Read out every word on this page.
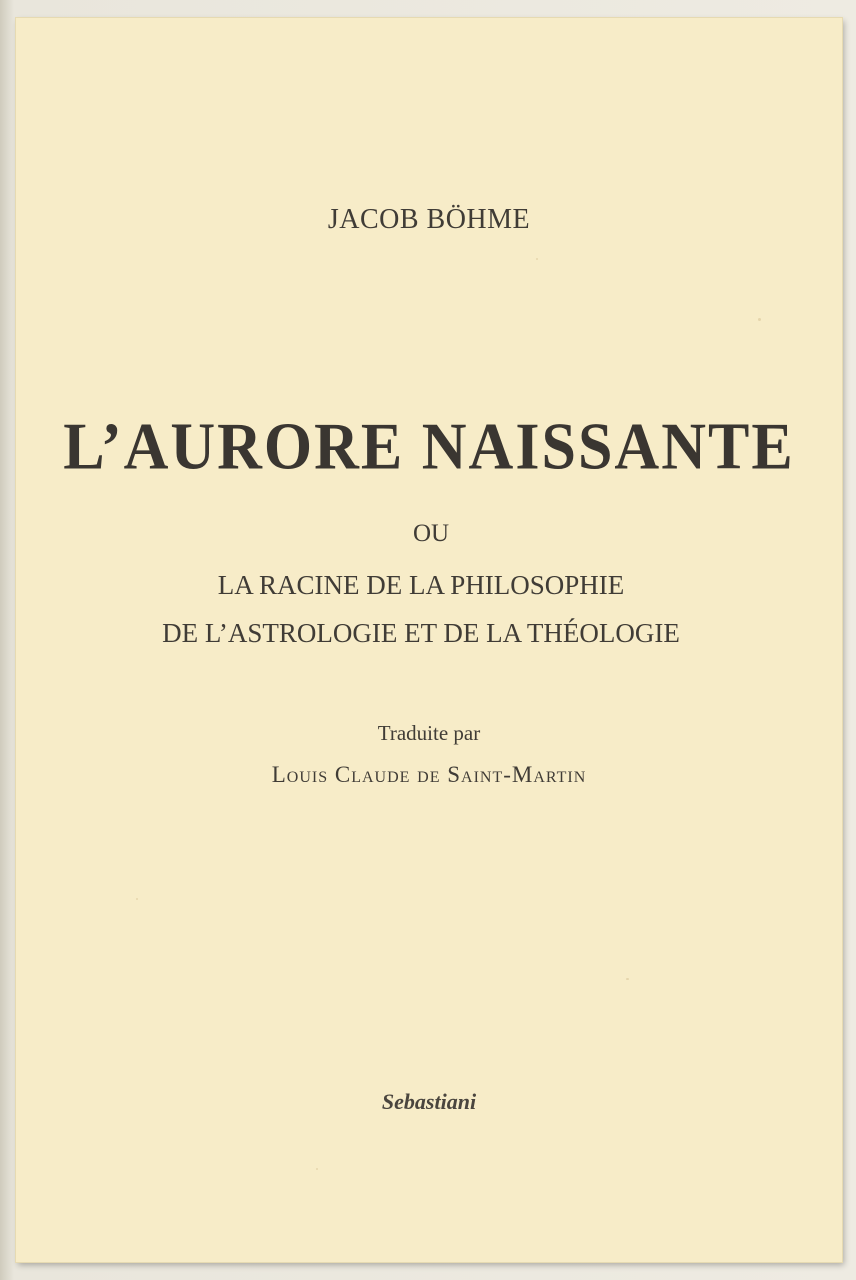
JACOB BÖHME
L’AURORE NAISSANTE
OU
LA RACINE DE LA PHILOSOPHIE
DE L’ASTROLOGIE ET DE LA THÉOLOGIE
Traduite par
Louis Claude de Saint-Martin
Sebastiani
